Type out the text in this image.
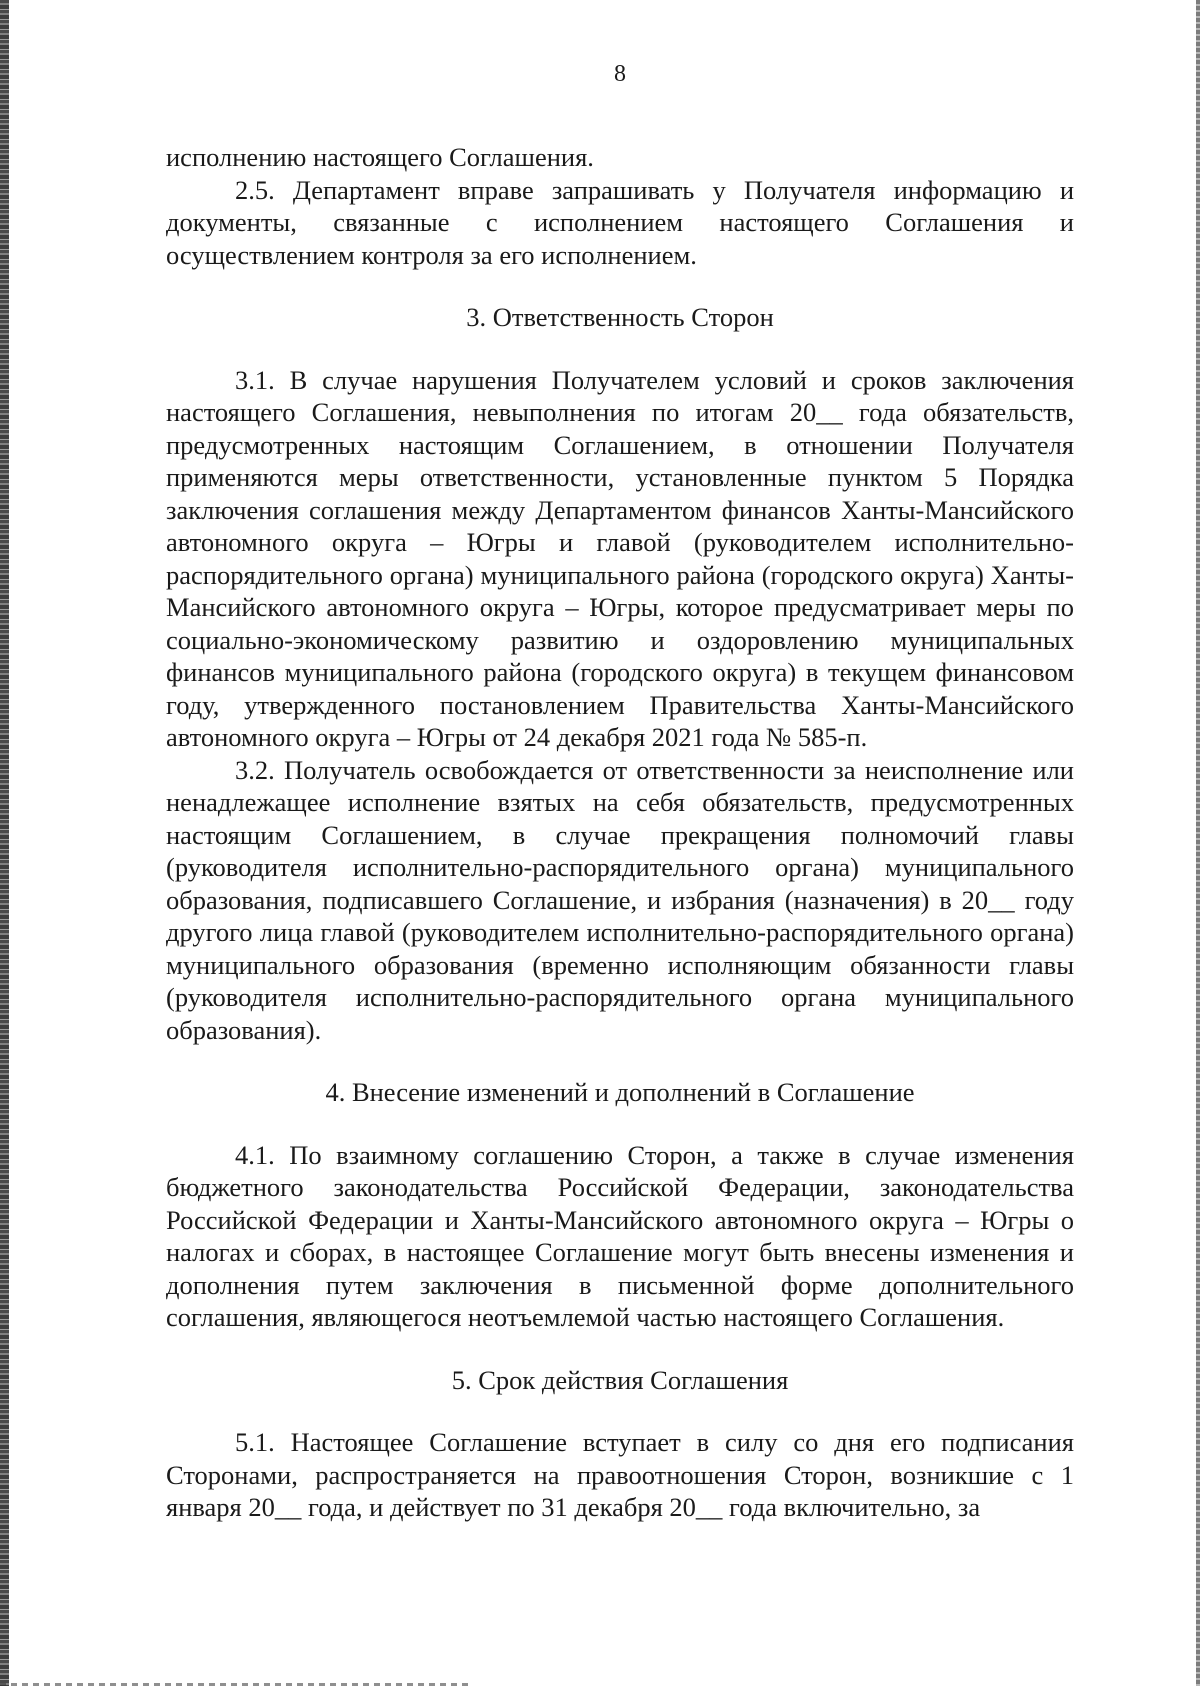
8

исполнению настоящего Соглашения.

2.5. Департамент вправе запрашивать у Получателя информацию и документы, связанные с исполнением настоящего Соглашения и осуществлением контроля за его исполнением.

3. Ответственность Сторон

3.1. В случае нарушения Получателем условий и сроков заключения настоящего Соглашения, невыполнения по итогам 20__ года обязательств, предусмотренных настоящим Соглашением, в отношении Получателя применяются меры ответственности, установленные пунктом 5 Порядка заключения соглашения между Департаментом финансов Ханты-Мансийского автономного округа – Югры и главой (руководителем исполнительно-распорядительного органа) муниципального района (городского округа) Ханты-Мансийского автономного округа – Югры, которое предусматривает меры по социально-экономическому развитию и оздоровлению муниципальных финансов муниципального района (городского округа) в текущем финансовом году, утвержденного постановлением Правительства Ханты-Мансийского автономного округа – Югры от 24 декабря 2021 года № 585-п.

3.2. Получатель освобождается от ответственности за неисполнение или ненадлежащее исполнение взятых на себя обязательств, предусмотренных настоящим Соглашением, в случае прекращения полномочий главы (руководителя исполнительно-распорядительного органа) муниципального образования, подписавшего Соглашение, и избрания (назначения) в 20__ году другого лица главой (руководителем исполнительно-распорядительного органа) муниципального образования (временно исполняющим обязанности главы (руководителя исполнительно-распорядительного органа муниципального образования).

4. Внесение изменений и дополнений в Соглашение

4.1. По взаимному соглашению Сторон, а также в случае изменения бюджетного законодательства Российской Федерации, законодательства Российской Федерации и Ханты-Мансийского автономного округа – Югры о налогах и сборах, в настоящее Соглашение могут быть внесены изменения и дополнения путем заключения в письменной форме дополнительного соглашения, являющегося неотъемлемой частью настоящего Соглашения.

5. Срок действия Соглашения

5.1. Настоящее Соглашение вступает в силу со дня его подписания Сторонами, распространяется на правоотношения Сторон, возникшие с 1 января 20__ года, и действует по 31 декабря 20__ года включительно, за
